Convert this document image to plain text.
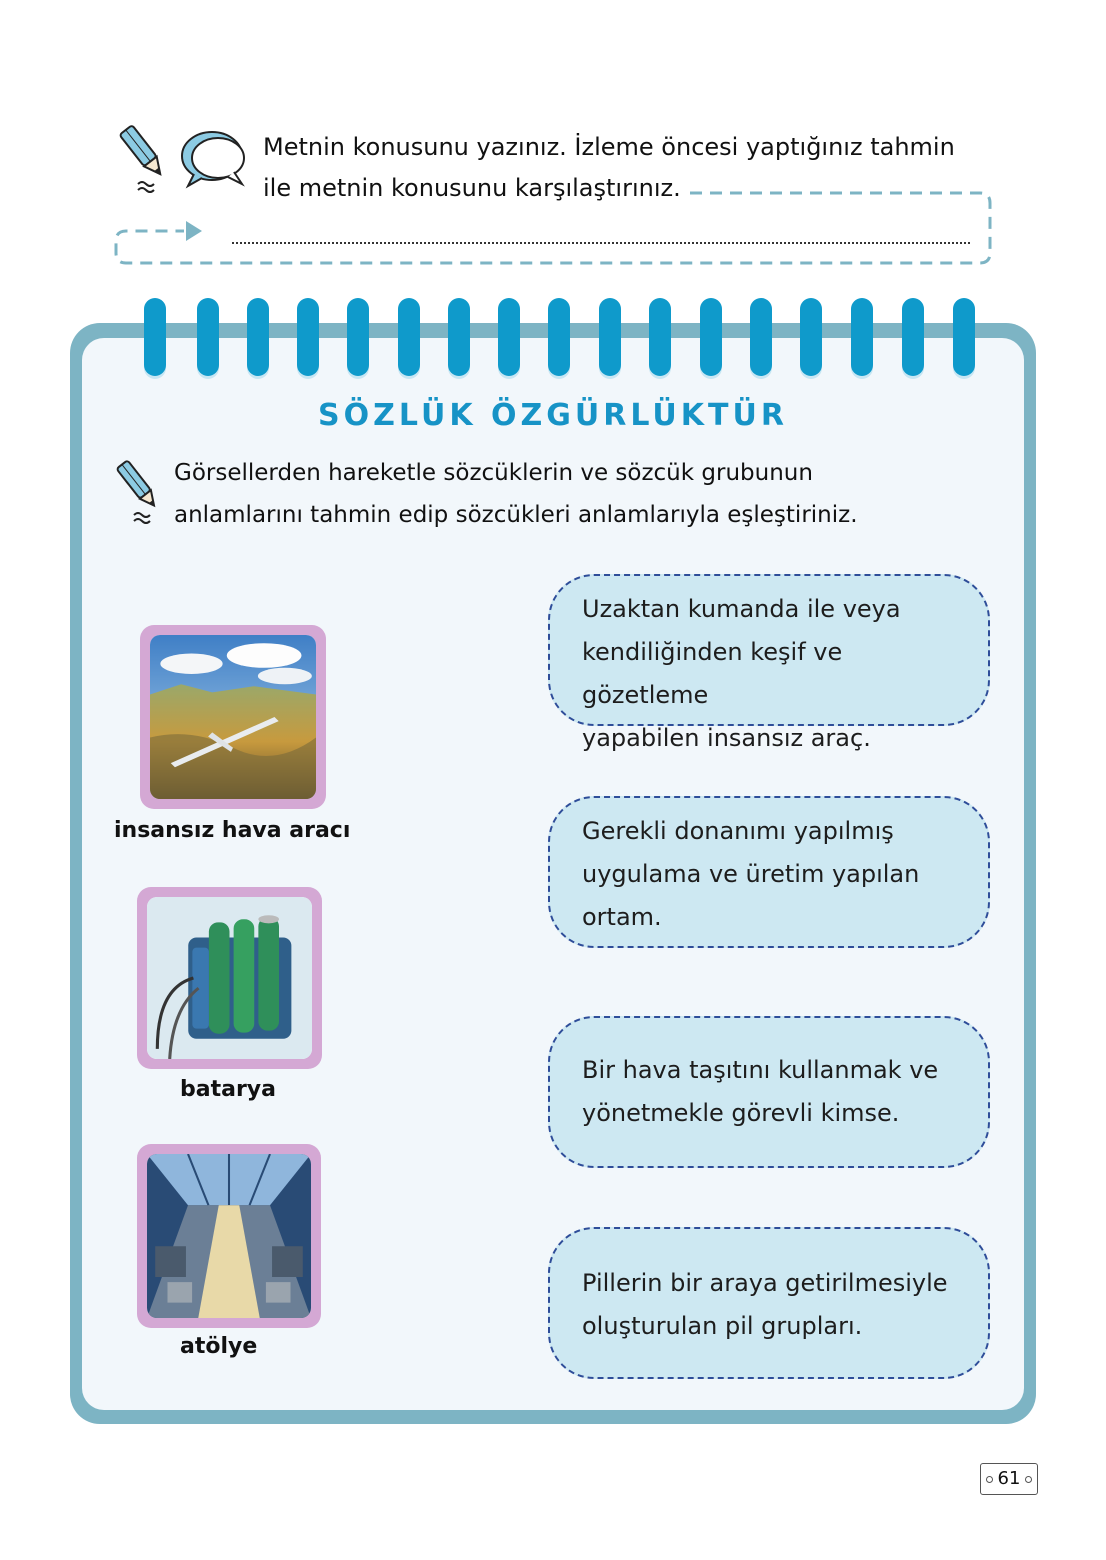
Metnin konusunu yazınız. İzleme öncesi yaptığınız tahmin
ile metnin konusunu karşılaştırınız.
SÖZLÜK ÖZGÜRLÜKTÜR
Görsellerden hareketle sözcüklerin ve sözcük grubunun
anlamlarını tahmin edip sözcükleri anlamlarıyla eşleştiriniz.
insansız hava aracı
batarya
atölye
Uzaktan kumanda ile veya
kendiliğinden keşif ve gözetleme
yapabilen insansız araç.
Gerekli donanımı yapılmış
uygulama ve üretim yapılan
ortam.
Bir hava taşıtını kullanmak ve
yönetmekle görevli kimse.
Pillerin bir araya getirilmesiyle
oluşturulan pil grupları.
61
